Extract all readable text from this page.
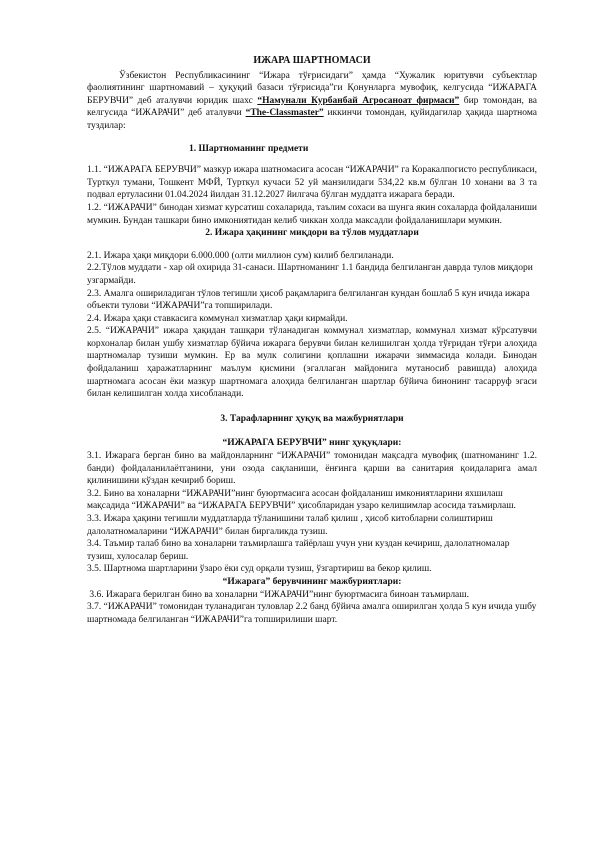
ИЖАРА ШАРТНОМАСИ

Ўзбекистон Республикасининг “Ижара тўғрисидаги” ҳамда “Хужалик юритувчи субъектлар фаолиятининг шартномавий – ҳуқуқий базаси тўғрисида”ги Қонунларга мувофиқ, келгусида “ИЖАРАГА БЕРУВЧИ” деб аталувчи юридик шахс “Намунали Курбанбай Агросаноат фирмаси” бир томондан, ва келгусида “ИЖАРАЧИ” деб аталувчи “The-Classmaster” иккинчи томондан, қуйидагилар ҳақида шартнома туздилар:

1. Шартноманинг предмети

1.1. “ИЖАРАГА БЕРУВЧИ” мазкур ижара шатномасига асосан “ИЖАРАЧИ” га Коракалпогисто республикаси, Турткул тумани, Тошкент МФЙ, Турткул кучаси 52 уй манзилидаги 534,22 кв.м бўлган 10 хонани ва 3 та подвал ертуласини 01.04.2024 йилдан 31.12.2027 йилгача бўлган муддатга ижарага беради.

1.2. “ИЖАРАЧИ” бинодан хизмат курсатиш сохаларида, таълим сохаси ва шунга якин сохаларда фойдаланиши мумкин. Бундан ташкари бино имкониятидан келиб чиккан холда максадли фойдаланишлари мумкин.

2. Ижара ҳақининг миқдори ва тўлов муддатлари

2.1. Ижара ҳақи миқдори 6.000.000 (олти миллион сум) килиб белгиланади.

2.2.Тўлов муддати - хар ой охирида 31-санаси. Шартноманинг 1.1 бандида белгиланган даврда тулов миқдори узгармайди.

2.3. Амалга ошириладиган тўлов тегишли ҳисоб рақамларига белгиланган кундан бошлаб 5 кун ичида ижара объекти тулови “ИЖАРАЧИ”га топширилади.

2.4. Ижара ҳақи ставкасига коммунал хизматлар ҳақи кирмайди.

2.5. “ИЖАРАЧИ” ижара ҳақидан ташқари тўланадиган коммунал хизматлар, коммунал хизмат кўрсатувчи корхоналар билан ушбу хизматлар бўйича ижарага берувчи билан келишилган ҳолда тўғридан тўғри алоҳида шартномалар тузиши мумкин. Ер ва мулк солигини қоплашни ижарачи зиммасида колади. Бинодан фойдаланиш ҳаражатларнинг маълум қисмини (эгаллаган майдонига мутаносиб равишда) алоҳида шартномага асосан ёки мазкур шартномага алоҳида белгиланган шартлар бўйича бинонинг тасарруф эгаси билан келишилган холда хисобланади.

3. Тарафларнинг ҳуқуқ ва мажбуриятлари

“ИЖАРАГА БЕРУВЧИ” нинг ҳуқуқлари:

3.1. Ижарага берган бино ва майдонларнинг “ИЖАРАЧИ” томонидан мақсадга мувофиқ (шатноманинг 1.2. банди) фойдаланилаётганини, уни озода сақланиши, ёнғинга қарши ва санитария қоидаларига амал қилинишини кўздан кечириб бориш.

3.2. Бино ва хоналарни “ИЖАРАЧИ”нинг буюртмасига асосан фойдаланиш имкониятларини яхшилаш мақсадида “ИЖАРАЧИ” ва “ИЖАРАГА БЕРУВЧИ” ҳисобларидан узаро келишимлар асосида таъмирлаш.

3.3. Ижара ҳақини тегишли муддатларда тўланишини талаб қилиш , ҳисоб китобларни солиштириш далолатномаларини “ИЖАРАЧИ” билан биргаликда тузиш.

3.4. Таъмир талаб бино ва хоналарни таъмирлашга тайёрлаш учун уни куздан кечириш, далолатномалар тузиш, хулосалар бериш.

3.5. Шартнома шартларини ўзаро ёки суд орқали тузиш, ўзгартириш ва бекор қилиш.

“Ижарага” берувчининг мажбуриятлари:

3.6. Ижарага берилган бино ва хоналарни “ИЖАРАЧИ”нинг буюртмасига биноан таъмирлаш.

3.7. “ИЖАРАЧИ” томонидан туланадиган туловлар 2.2 банд бўйича амалга оширилган ҳолда 5 кун ичида ушбу шартномада белгиланган “ИЖАРАЧИ”га топширилиши шарт.
